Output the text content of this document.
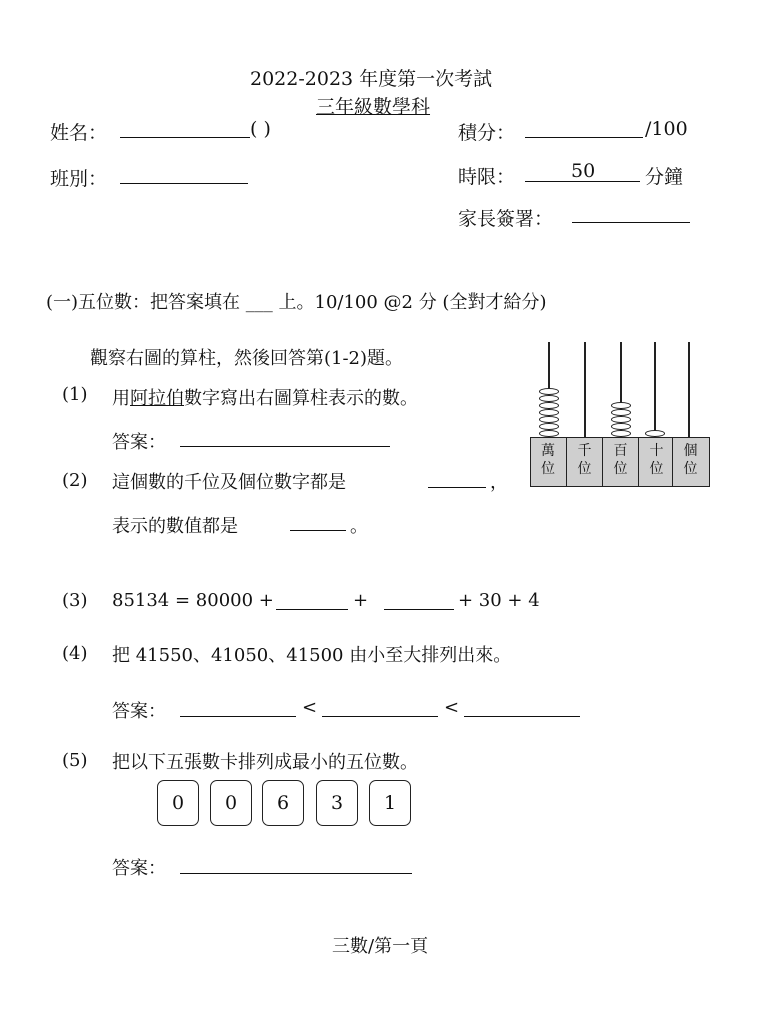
2022-2023 年度第一次考試
三年級數學科
姓名：	( )	積分：	/100
班別：	時限：	50	分鐘
家長簽署：
(一)五位數：把答案填在 ___ 上。10/100 @2 分 (全對才給分)
觀察右圖的算柱，然後回答第(1-2)題。
(1) 用阿拉伯數字寫出右圖算柱表示的數。
答案：
(2) 這個數的千位及個位數字都是	，
表示的數值都是	。
萬
位
千
位
百
位
十
位
個
位
(3) 85134 = 80000 +	+	+ 30 + 4
(4) 把 41550、41050、41500 由小至大排列出來。
答案：	<	<
(5) 把以下五張數卡排列成最小的五位數。
0	0	6	3	1
答案：
三數/第一頁
